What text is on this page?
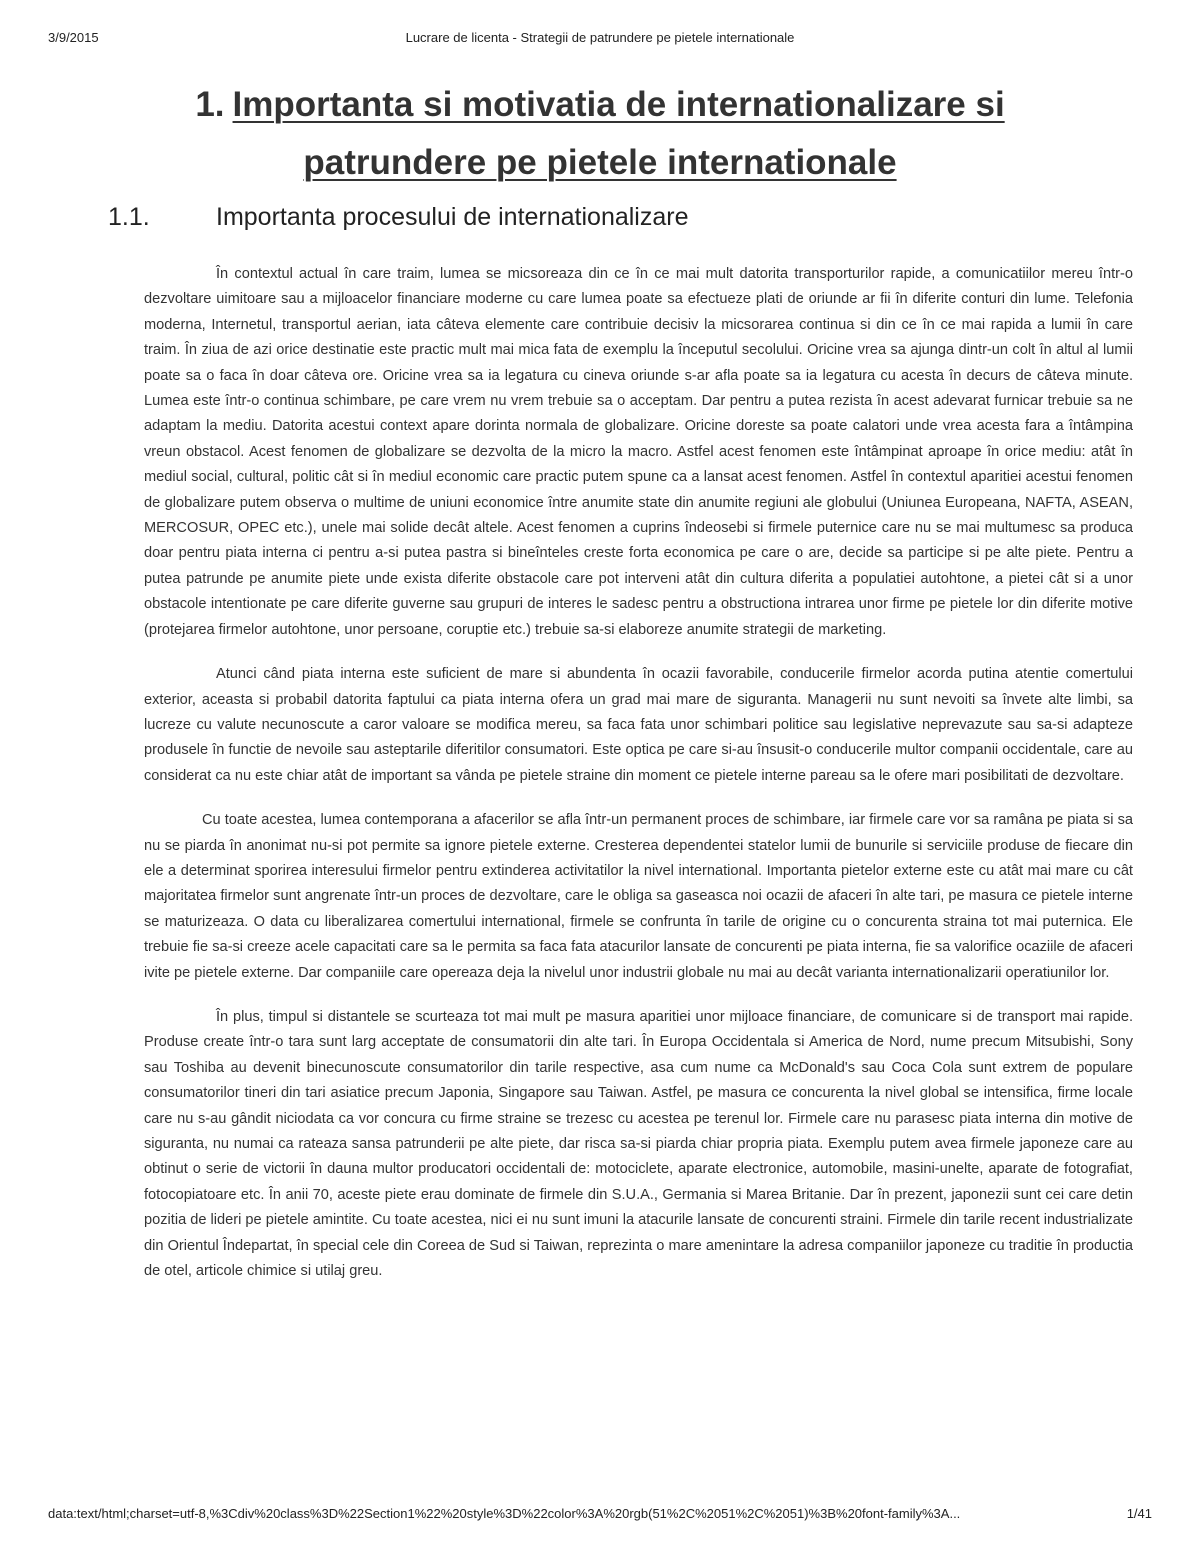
3/9/2015	Lucrare de licenta - Strategii de patrundere pe pietele internationale
1. Importanta si motivatia de internationalizare si patrundere pe pietele internationale
1.1.	Importanta procesului de internationalizare

În contextul actual în care traim, lumea se micsoreaza din ce în ce mai mult datorita transporturilor rapide, a comunicatiilor mereu într-o dezvoltare uimitoare sau a mijloacelor financiare moderne cu care lumea poate sa efectueze plati de oriunde ar fii în diferite conturi din lume. Telefonia moderna, Internetul, transportul aerian, iata câteva elemente care contribuie decisiv la micsorarea continua si din ce în ce mai rapida a lumii în care traim. În ziua de azi orice destinatie este practic mult mai mica fata de exemplu la începutul secolului. Oricine vrea sa ajunga dintr-un colt în altul al lumii poate sa o faca în doar câteva ore. Oricine vrea sa ia legatura cu cineva oriunde s-ar afla poate sa ia legatura cu acesta în decurs de câteva minute. Lumea este într-o continua schimbare, pe care vrem nu vrem trebuie sa o acceptam. Dar pentru a putea rezista în acest adevarat furnicar trebuie sa ne adaptam la mediu. Datorita acestui context apare dorinta normala de globalizare. Oricine doreste sa poate calatori unde vrea acesta fara a întâmpina vreun obstacol. Acest fenomen de globalizare se dezvolta de la micro la macro. Astfel acest fenomen este întâmpinat aproape în orice mediu: atât în mediul social, cultural, politic cât si în mediul economic care practic putem spune ca a lansat acest fenomen. Astfel în contextul aparitiei acestui fenomen de globalizare putem observa o multime de uniuni economice între anumite state din anumite regiuni ale globului (Uniunea Europeana, NAFTA, ASEAN, MERCOSUR, OPEC etc.), unele mai solide decât altele. Acest fenomen a cuprins îndeosebi si firmele puternice care nu se mai multumesc sa produca doar pentru piata interna ci pentru a-si putea pastra si bineînteles creste forta economica pe care o are, decide sa participe si pe alte piete. Pentru a putea patrunde pe anumite piete unde exista diferite obstacole care pot interveni atât din cultura diferita a populatiei autohtone, a pietei cât si a unor obstacole intentionate pe care diferite guverne sau grupuri de interes le sadesc pentru a obstructiona intrarea unor firme pe pietele lor din diferite motive (protejarea firmelor autohtone, unor persoane, coruptie etc.) trebuie sa-si elaboreze anumite strategii de marketing.

Atunci când piata interna este suficient de mare si abundenta în ocazii favorabile, conducerile firmelor acorda putina atentie comertului exterior, aceasta si probabil datorita faptului ca piata interna ofera un grad mai mare de siguranta. Managerii nu sunt nevoiti sa învete alte limbi, sa lucreze cu valute necunoscute a caror valoare se modifica mereu, sa faca fata unor schimbari politice sau legislative neprevazute sau sa-si adapteze produsele în functie de nevoile sau asteptarile diferitilor consumatori. Este optica pe care si-au însusit-o conducerile multor companii occidentale, care au considerat ca nu este chiar atât de important sa vânda pe pietele straine din moment ce pietele interne pareau sa le ofere mari posibilitati de dezvoltare.

Cu toate acestea, lumea contemporana a afacerilor se afla într-un permanent proces de schimbare, iar firmele care vor sa ramâna pe piata si sa nu se piarda în anonimat nu-si pot permite sa ignore pietele externe. Cresterea dependentei statelor lumii de bunurile si serviciile produse de fiecare din ele a determinat sporirea interesului firmelor pentru extinderea activitatilor la nivel international. Importanta pietelor externe este cu atât mai mare cu cât majoritatea firmelor sunt angrenate într-un proces de dezvoltare, care le obliga sa gaseasca noi ocazii de afaceri în alte tari, pe masura ce pietele interne se maturizeaza. O data cu liberalizarea comertului international, firmele se confrunta în tarile de origine cu o concurenta straina tot mai puternica. Ele trebuie fie sa-si creeze acele capacitati care sa le permita sa faca fata atacurilor lansate de concurenti pe piata interna, fie sa valorifice ocaziile de afaceri ivite pe pietele externe. Dar companiile care opereaza deja la nivelul unor industrii globale nu mai au decât varianta internationalizarii operatiunilor lor.

În plus, timpul si distantele se scurteaza tot mai mult pe masura aparitiei unor mijloace financiare, de comunicare si de transport mai rapide. Produse create într-o tara sunt larg acceptate de consumatorii din alte tari. În Europa Occidentala si America de Nord, nume precum Mitsubishi, Sony sau Toshiba au devenit binecunoscute consumatorilor din tarile respective, asa cum nume ca McDonald's sau Coca Cola sunt extrem de populare consumatorilor tineri din tari asiatice precum Japonia, Singapore sau Taiwan. Astfel, pe masura ce concurenta la nivel global se intensifica, firme locale care nu s-au gândit niciodata ca vor concura cu firme straine se trezesc cu acestea pe terenul lor. Firmele care nu parasesc piata interna din motive de siguranta, nu numai ca rateaza sansa patrunderii pe alte piete, dar risca sa-si piarda chiar propria piata. Exemplu putem avea firmele japoneze care au obtinut o serie de victorii în dauna multor producatori occidentali de: motociclete, aparate electronice, automobile, masini-unelte, aparate de fotografiat, fotocopiatoare etc. În anii 70, aceste piete erau dominate de firmele din S.U.A., Germania si Marea Britanie. Dar în prezent, japonezii sunt cei care detin pozitia de lideri pe pietele amintite. Cu toate acestea, nici ei nu sunt imuni la atacurile lansate de concurenti straini. Firmele din tarile recent industrializate din Orientul Îndepartat, în special cele din Coreea de Sud si Taiwan, reprezinta o mare amenintare la adresa companiilor japoneze cu traditie în productia de otel, articole chimice si utilaj greu.

data:text/html;charset=utf-8,%3Cdiv%20class%3D%22Section1%22%20style%3D%22color%3A%20rgb(51%2C%2051%2C%2051)%3B%20font-family%3A...	1/41
